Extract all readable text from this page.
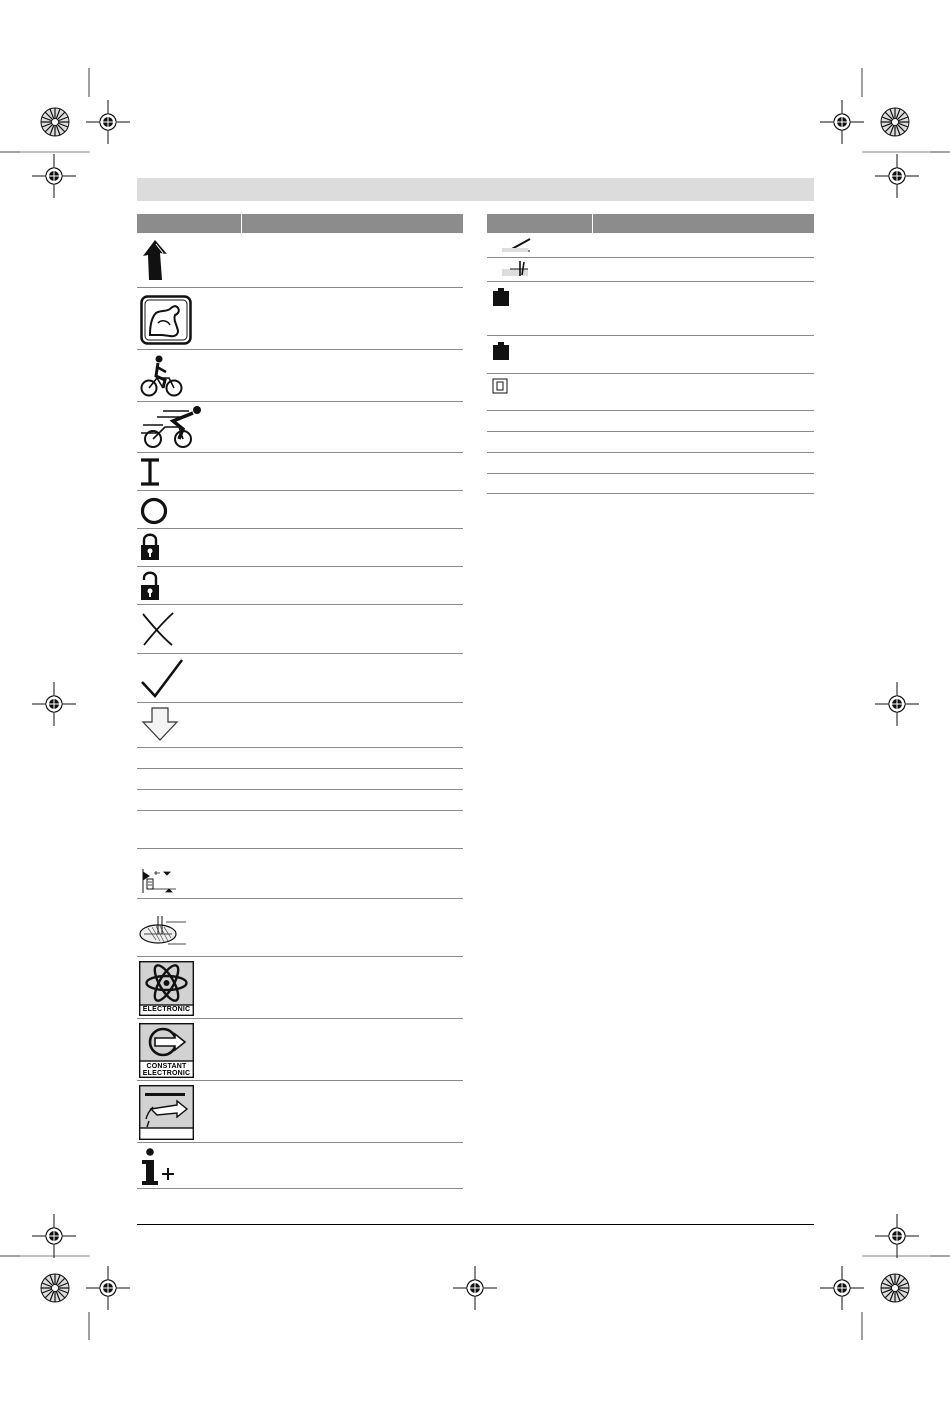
ELECTRONIC
CONSTANT
ELECTRONIC
